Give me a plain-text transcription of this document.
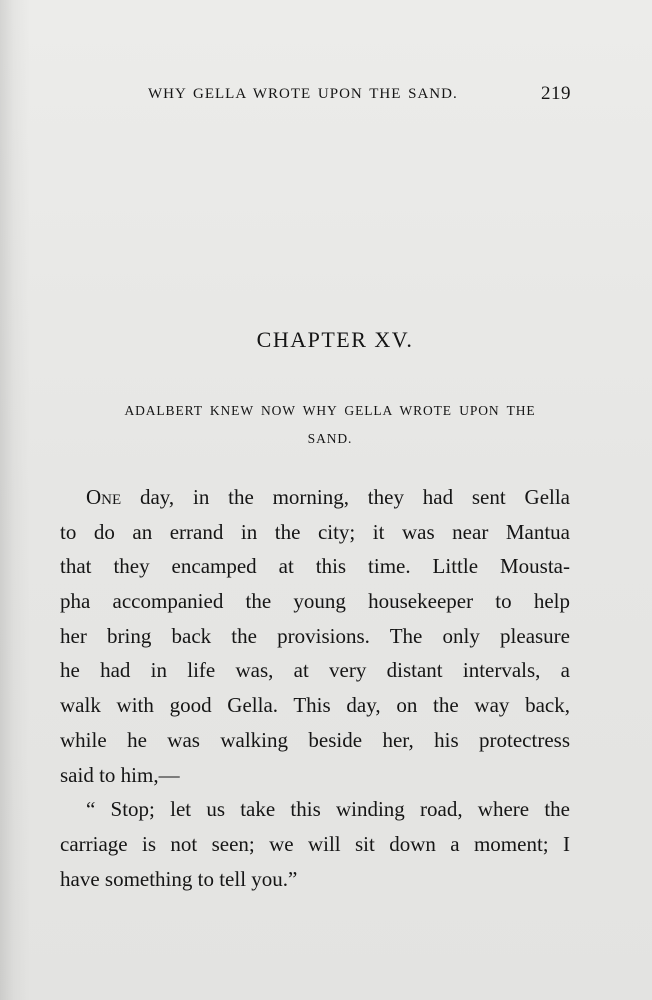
WHY GELLA WROTE UPON THE SAND.	219
CHAPTER XV.
ADALBERT KNEW NOW WHY GELLA WROTE UPON THE
SAND.
One day, in the morning, they had sent Gella
to do an errand in the city; it was near Mantua
that they encamped at this time. Little Mousta-
pha accompanied the young housekeeper to help
her bring back the provisions. The only pleasure
he had in life was, at very distant intervals, a
walk with good Gella. This day, on the way back,
while he was walking beside her, his protectress
said to him,—
“ Stop; let us take this winding road, where the
carriage is not seen; we will sit down a moment; I
have something to tell you.”
